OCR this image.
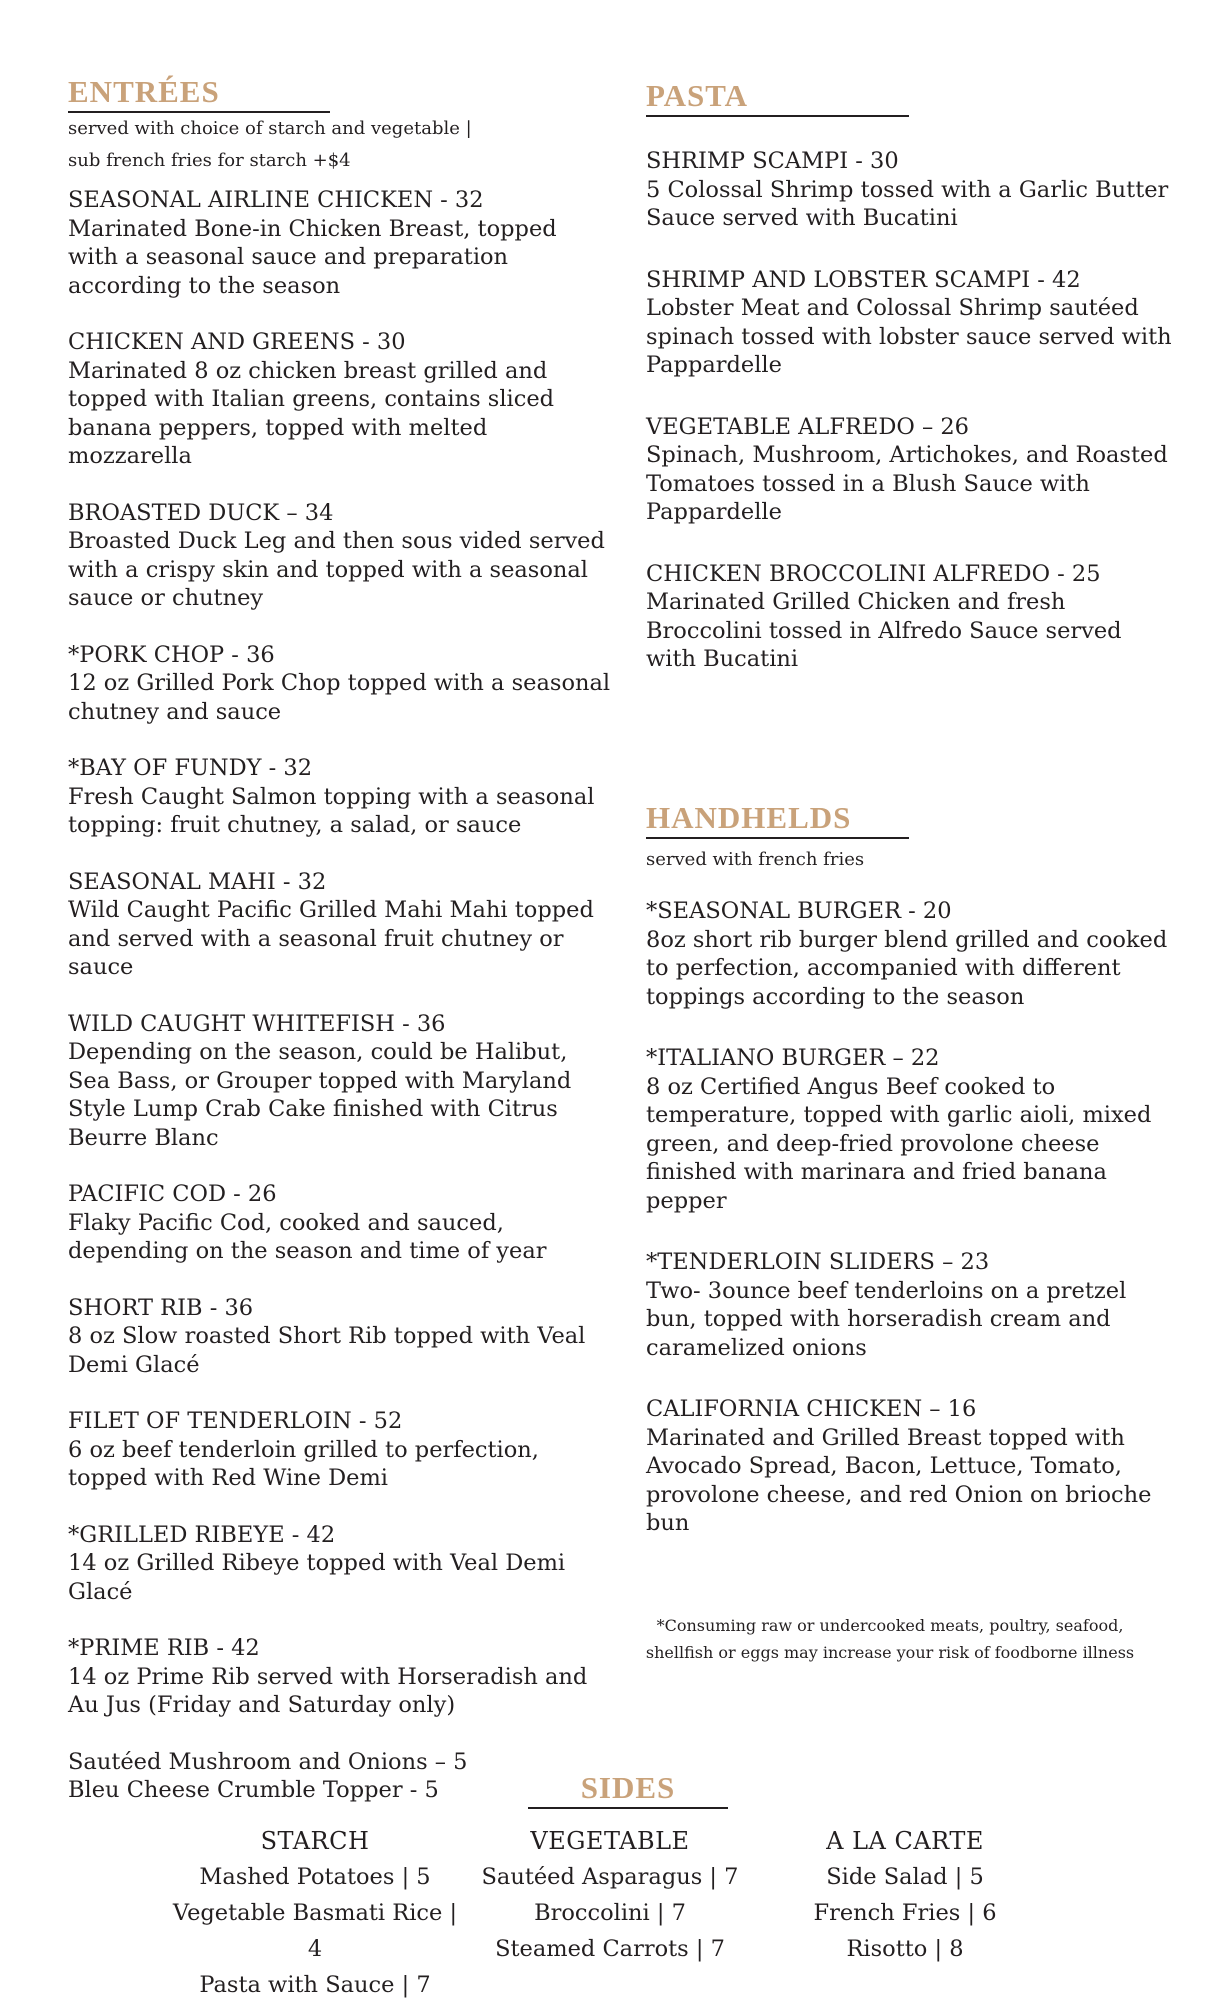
ENTRÉES

served with choice of starch and vegetable |

sub french fries for starch +$4

SEASONAL AIRLINE CHICKEN - 32
Marinated Bone-in Chicken Breast, topped with a seasonal sauce and preparation according to the season
CHICKEN AND GREENS - 30
Marinated 8 oz chicken breast grilled and topped with Italian greens, contains sliced banana peppers, topped with melted mozzarella
BROASTED DUCK – 34
Broasted Duck Leg and then sous vided served with a crispy skin and topped with a seasonal sauce or chutney
*PORK CHOP - 36
12 oz Grilled Pork Chop topped with a seasonal chutney and sauce
*BAY OF FUNDY - 32
Fresh Caught Salmon topping with a seasonal topping: fruit chutney, a salad, or sauce
SEASONAL MAHI - 32
Wild Caught Pacific Grilled Mahi Mahi topped and served with a seasonal fruit chutney or sauce
WILD CAUGHT WHITEFISH - 36
Depending on the season, could be Halibut, Sea Bass, or Grouper topped with Maryland Style Lump Crab Cake finished with Citrus Beurre Blanc
PACIFIC COD - 26
Flaky Pacific Cod, cooked and sauced, depending on the season and time of year
SHORT RIB - 36
8 oz Slow roasted Short Rib topped with Veal Demi Glacé
FILET OF TENDERLOIN - 52
6 oz beef tenderloin grilled to perfection, topped with Red Wine Demi
*GRILLED RIBEYE - 42
14 oz Grilled Ribeye topped with Veal Demi Glacé
*PRIME RIB - 42
14 oz Prime Rib served with Horseradish and Au Jus (Friday and Saturday only)
Sautéed Mushroom and Onions – 5
Bleu Cheese Crumble Topper - 5
PASTA
SHRIMP SCAMPI - 30
5 Colossal Shrimp tossed with a Garlic Butter Sauce served with Bucatini
SHRIMP AND LOBSTER SCAMPI - 42
Lobster Meat and Colossal Shrimp sautéed spinach tossed with lobster sauce served with Pappardelle
VEGETABLE ALFREDO – 26
Spinach, Mushroom, Artichokes, and Roasted Tomatoes tossed in a Blush Sauce with Pappardelle
CHICKEN BROCCOLINI ALFREDO - 25
Marinated Grilled Chicken and fresh Broccolini tossed in Alfredo Sauce served with Bucatini
HANDHELDS

served with french fries

*SEASONAL BURGER - 20
8oz short rib burger blend grilled and cooked to perfection, accompanied with different toppings according to the season
*ITALIANO BURGER – 22
8 oz Certified Angus Beef cooked to temperature, topped with garlic aioli, mixed green, and deep-fried provolone cheese finished with marinara and fried banana pepper
*TENDERLOIN SLIDERS – 23
Two- 3ounce beef tenderloins on a pretzel bun, topped with horseradish cream and caramelized onions
CALIFORNIA CHICKEN – 16
Marinated and Grilled Breast topped with Avocado Spread, Bacon, Lettuce, Tomato, provolone cheese, and red Onion on brioche bun
*Consuming raw or undercooked meats, poultry, seafood,
shellfish or eggs may increase your risk of foodborne illness
SIDES
STARCH
Mashed Potatoes | 5
Vegetable Basmati Rice | 4
Pasta with Sauce | 7
VEGETABLE
Sautéed Asparagus | 7
Broccolini | 7
Steamed Carrots | 7
A LA CARTE
Side Salad | 5
French Fries | 6
Risotto | 8
